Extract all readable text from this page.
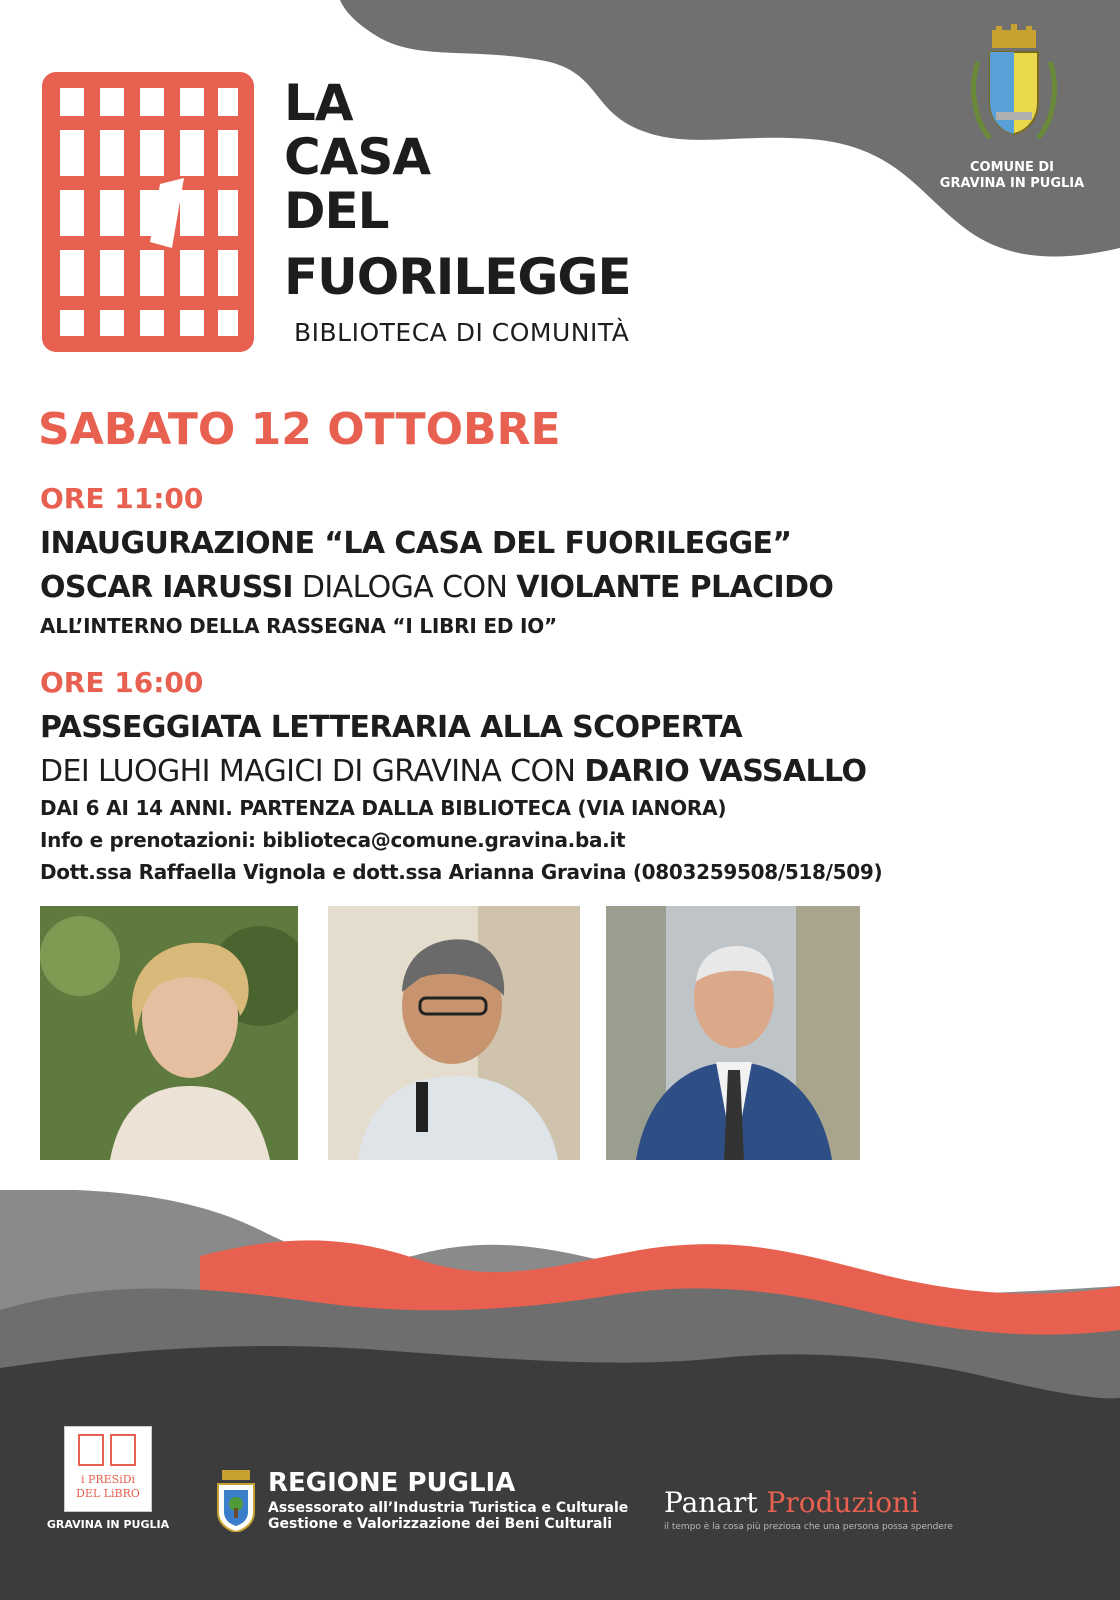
LA
CASA
DEL
FUORILEGGE
BIBLIOTECA DI COMUNITÀ
COMUNE DI
GRAVINA IN PUGLIA
SABATO 12 OTTOBRE
ORE 11:00
INAUGURAZIONE “LA CASA DEL FUORILEGGE”
OSCAR IARUSSI DIALOGA CON VIOLANTE PLACIDO
ALL’INTERNO DELLA RASSEGNA “I LIBRI ED IO”
ORE 16:00
PASSEGGIATA LETTERARIA ALLA SCOPERTA
DEI LUOGHI MAGICI DI GRAVINA CON DARIO VASSALLO
DAI 6 AI 14 ANNI. PARTENZA DALLA BIBLIOTECA (VIA IANORA)
Info e prenotazioni: biblioteca@comune.gravina.ba.it
Dott.ssa Raffaella Vignola e dott.ssa Arianna Gravina (0803259508/518/509)
i PRESiDi
DEL LiBRO
GRAVINA IN PUGLIA
REGIONE PUGLIA
Assessorato all’Industria Turistica e Culturale
Gestione e Valorizzazione dei Beni Culturali
Panart Produzioni
il tempo è la cosa più preziosa che una persona possa spendere
